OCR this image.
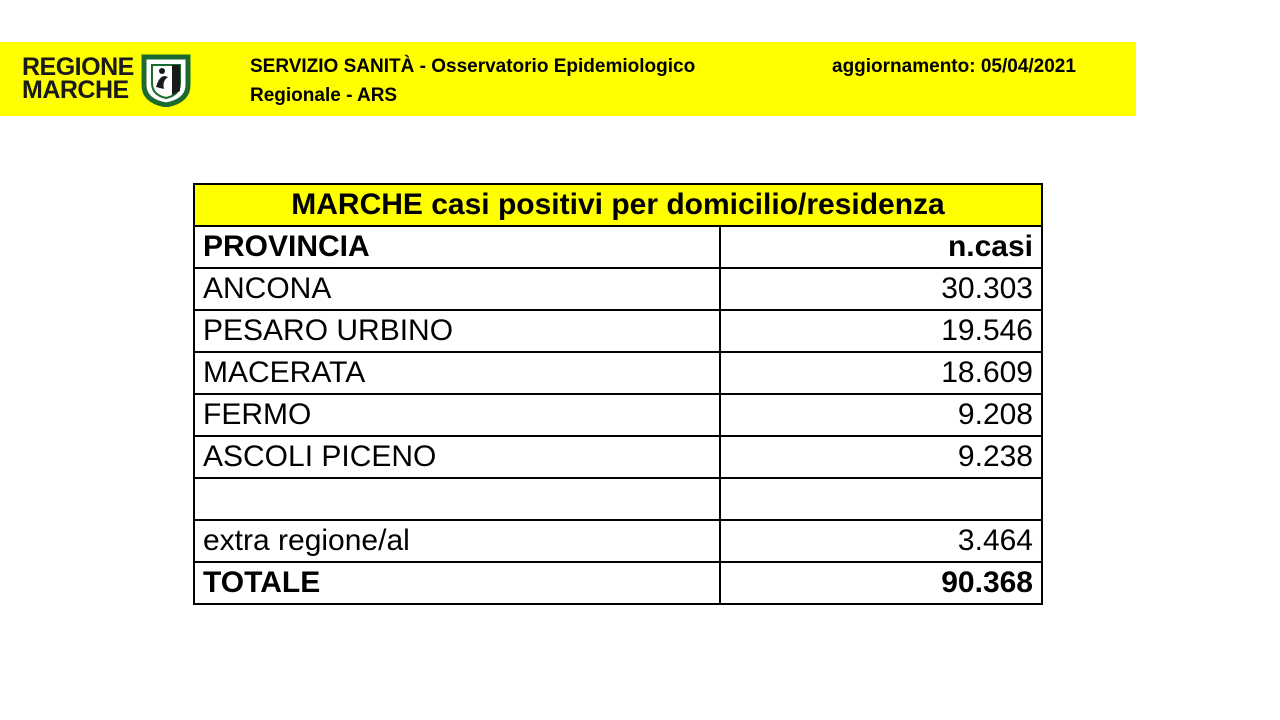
REGIONE
MARCHE
SERVIZIO SANITÀ - Osservatorio Epidemiologico
Regionale - ARS
aggiornamento: 05/04/2021
MARCHE casi positivi per domicilio/residenza	
PROVINCIA	n.casi
ANCONA	30.303
PESARO URBINO	19.546
MACERATA	18.609
FERMO	9.208
ASCOLI PICENO	9.238

extra regione/al	3.464
TOTALE	90.368
